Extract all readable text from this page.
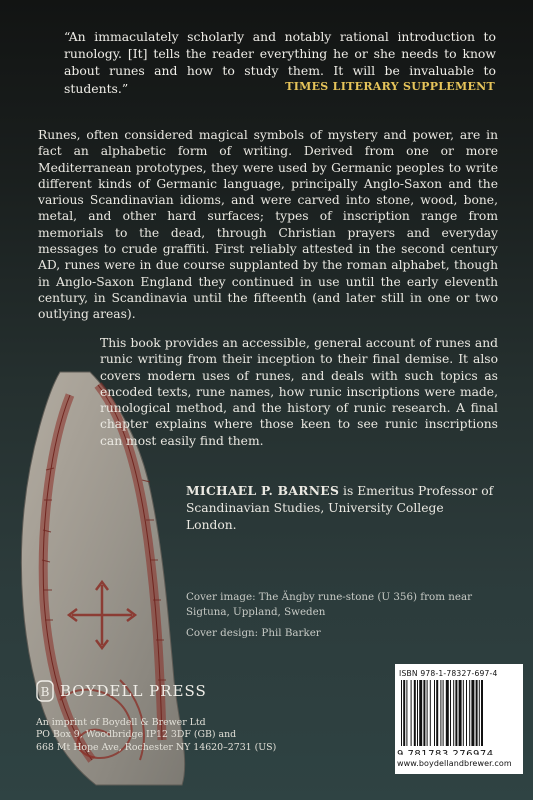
“An immaculately scholarly and notably rational introduction to runology. [It] tells the reader everything he or she needs to know about runes and how to study them. It will be invaluable to students.”	TIMES LITERARY SUPPLEMENT
Runes, often considered magical symbols of mystery and power, are in fact an alphabetic form of writing. Derived from one or more Mediterranean prototypes, they were used by Germanic peoples to write different kinds of Germanic language, principally Anglo-Saxon and the various Scandinavian idioms, and were carved into stone, wood, bone, metal, and other hard surfaces; types of inscription range from memorials to the dead, through Christian prayers and everyday messages to crude graffiti. First reliably attested in the second century AD, runes were in due course supplanted by the roman alphabet, though in Anglo-Saxon England they continued in use until the early eleventh century, in Scandinavia until the fifteenth (and later still in one or two outlying areas).
This book provides an accessible, general account of runes and runic writing from their inception to their final demise. It also covers modern uses of runes, and deals with such topics as encoded texts, rune names, how runic inscriptions were made, runological method, and the history of runic research. A final chapter explains where those keen to see runic inscriptions can most easily find them.
MICHAEL P. BARNES is Emeritus Professor of Scandinavian Studies, University College London.
Cover image: The Ängby rune-stone (U 356) from near Sigtuna, Uppland, Sweden
Cover design: Phil Barker
B BOYDELL PRESS
An imprint of Boydell & Brewer Ltd
PO Box 9, Woodbridge IP12 3DF (GB) and
668 Mt Hope Ave, Rochester NY 14620–2731 (US)
ISBN 978-1-78327-697-4
www.boydellandbrewer.com
